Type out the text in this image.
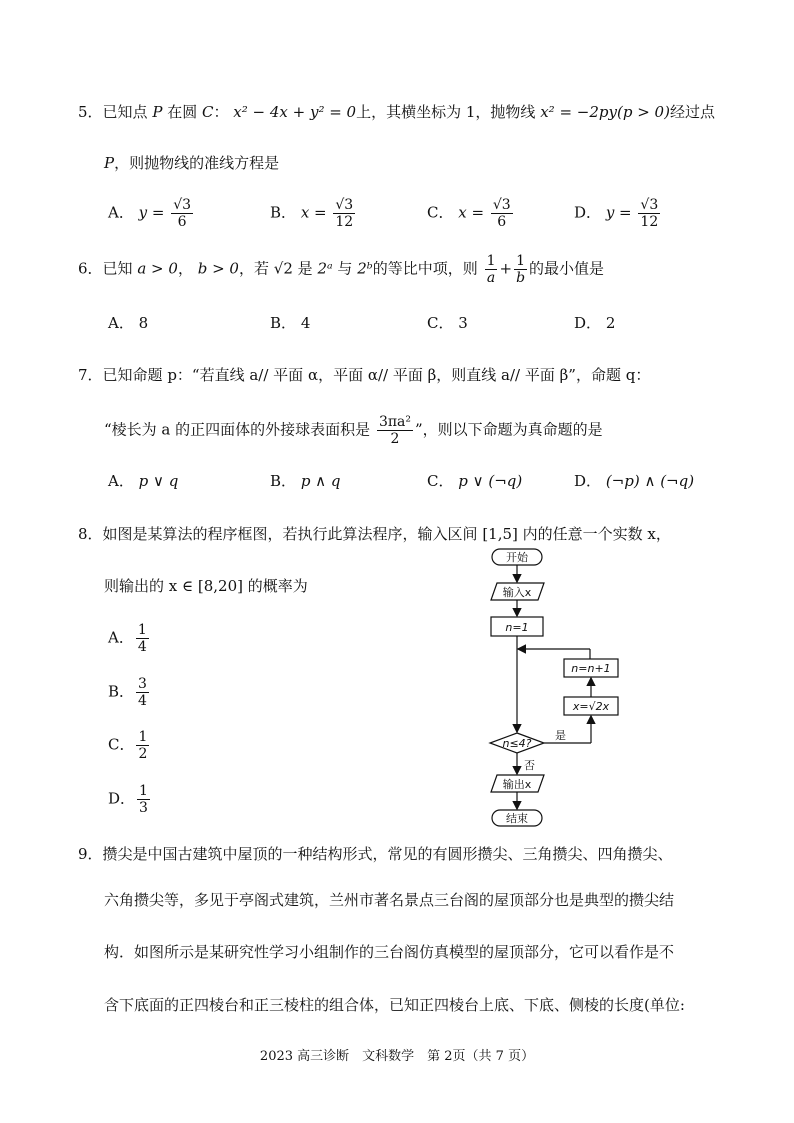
5．已知点 P 在圆 C： x² − 4x + y² = 0上，其横坐标为 1，抛物线 x² = −2py(p > 0)经过点
P，则抛物线的准线方程是
A． $y = \frac{√3}{6}$	B． $x = \frac{√3}{12}$	C． $x = \frac{√3}{6}$	D． $y = \frac{√3}{12}$
6．已知 a > 0， b > 0，若 √2 是 2ᵃ 与 2ᵇ的等比中项，则 $\frac{1}{a} + \frac{1}{b}$ 的最小值是
A． 8	B． 4	C． 3	D． 2
7．已知命题 p：“若直线 a// 平面 α，平面 α// 平面 β，则直线 a// 平面 β”，命题 q：
“棱长为 a 的正四面体的外接球表面积是 $\frac{\text{3πa²}}{2}$ ”，则以下命题为真命题的是
A． p ∨ q	B． p ∧ q	C． p ∨ (¬q)	D． (¬p) ∧ (¬q)
8．如图是某算法的程序框图，若执行此算法程序，输入区间 [1,5] 内的任意一个实数 x，
则输出的 x ∈ [8,20] 的概率为
A． $\frac{1}{4}$
B． $\frac{3}{4}$
C． $\frac{1}{2}$
D． $\frac{1}{3}$
开始
输入x
n=1
n=n+1
x=√2x
是
n≤4?
否
输出x
结束
9．攒尖是中国古建筑中屋顶的一种结构形式，常见的有圆形攒尖、三角攒尖、四角攒尖、
六角攒尖等，多见于亭阁式建筑，兰州市著名景点三台阁的屋顶部分也是典型的攒尖结
构．如图所示是某研究性学习小组制作的三台阁仿真模型的屋顶部分，它可以看作是不
含下底面的正四棱台和正三棱柱的组合体，已知正四棱台上底、下底、侧棱的长度(单位:
2023 高三诊断　文科数学　第 2页（共 7 页）
